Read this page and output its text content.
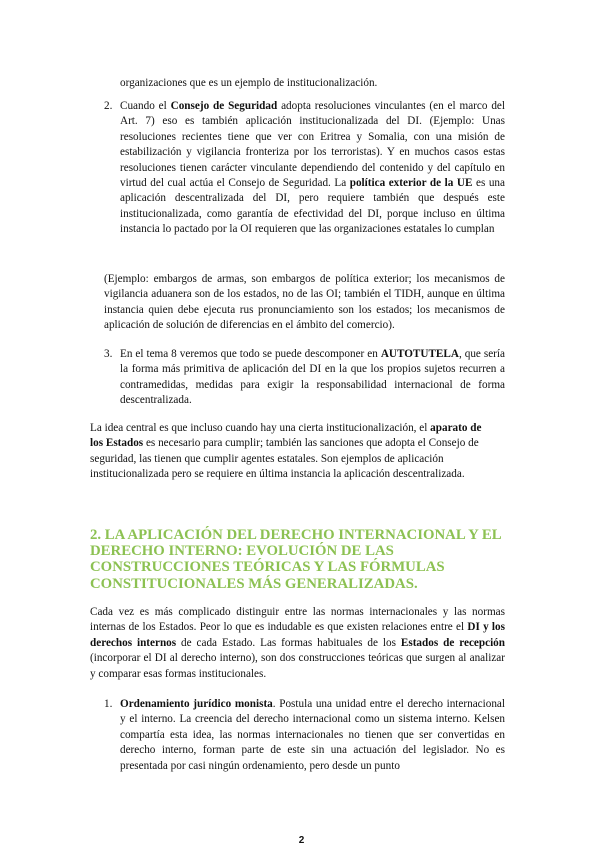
organizaciones que es un ejemplo de institucionalización.

2. Cuando el Consejo de Seguridad adopta resoluciones vinculantes (en el marco del Art. 7) eso es también aplicación institucionalizada del DI. (Ejemplo: Unas resoluciones recientes tiene que ver con Eritrea y Somalia, con una misión de estabilización y vigilancia fronteriza por los terroristas). Y en muchos casos estas resoluciones tienen carácter vinculante dependiendo del contenido y del capítulo en virtud del cual actúa el Consejo de Seguridad. La política exterior de la UE es una aplicación descentralizada del DI, pero requiere también que después este institucionalizada, como garantía de efectividad del DI, porque incluso en última instancia lo pactado por la OI requieren que las organizaciones estatales lo cumplan

(Ejemplo: embargos de armas, son embargos de política exterior; los mecanismos de vigilancia aduanera son de los estados, no de las OI; también el TIDH, aunque en última instancia quien debe ejecuta rus pronunciamiento son los estados; los mecanismos de aplicación de solución de diferencias en el ámbito del comercio).

3. En el tema 8 veremos que todo se puede descomponer en AUTOTUTELA, que sería la forma más primitiva de aplicación del DI en la que los propios sujetos recurren a contramedidas, medidas para exigir la responsabilidad internacional de forma descentralizada.

La idea central es que incluso cuando hay una cierta institucionalización, el aparato de los Estados es necesario para cumplir; también las sanciones que adopta el Consejo de seguridad, las tienen que cumplir agentes estatales. Son ejemplos de aplicación institucionalizada pero se requiere en última instancia la aplicación descentralizada.

2. LA APLICACIÓN DEL DERECHO INTERNACIONAL Y EL DERECHO INTERNO: EVOLUCIÓN DE LAS CONSTRUCCIONES TEÓRICAS Y LAS FÓRMULAS CONSTITUCIONALES MÁS GENERALIZADAS.

Cada vez es más complicado distinguir entre las normas internacionales y las normas internas de los Estados. Peor lo que es indudable es que existen relaciones entre el DI y los derechos internos de cada Estado. Las formas habituales de los Estados de recepción (incorporar el DI al derecho interno), son dos construcciones teóricas que surgen al analizar y comparar esas formas institucionales.

1. Ordenamiento jurídico monista. Postula una unidad entre el derecho internacional y el interno. La creencia del derecho internacional como un sistema interno. Kelsen compartía esta idea, las normas internacionales no tienen que ser convertidas en derecho interno, forman parte de este sin una actuación del legislador. No es presentada por casi ningún ordenamiento, pero desde un punto

2
